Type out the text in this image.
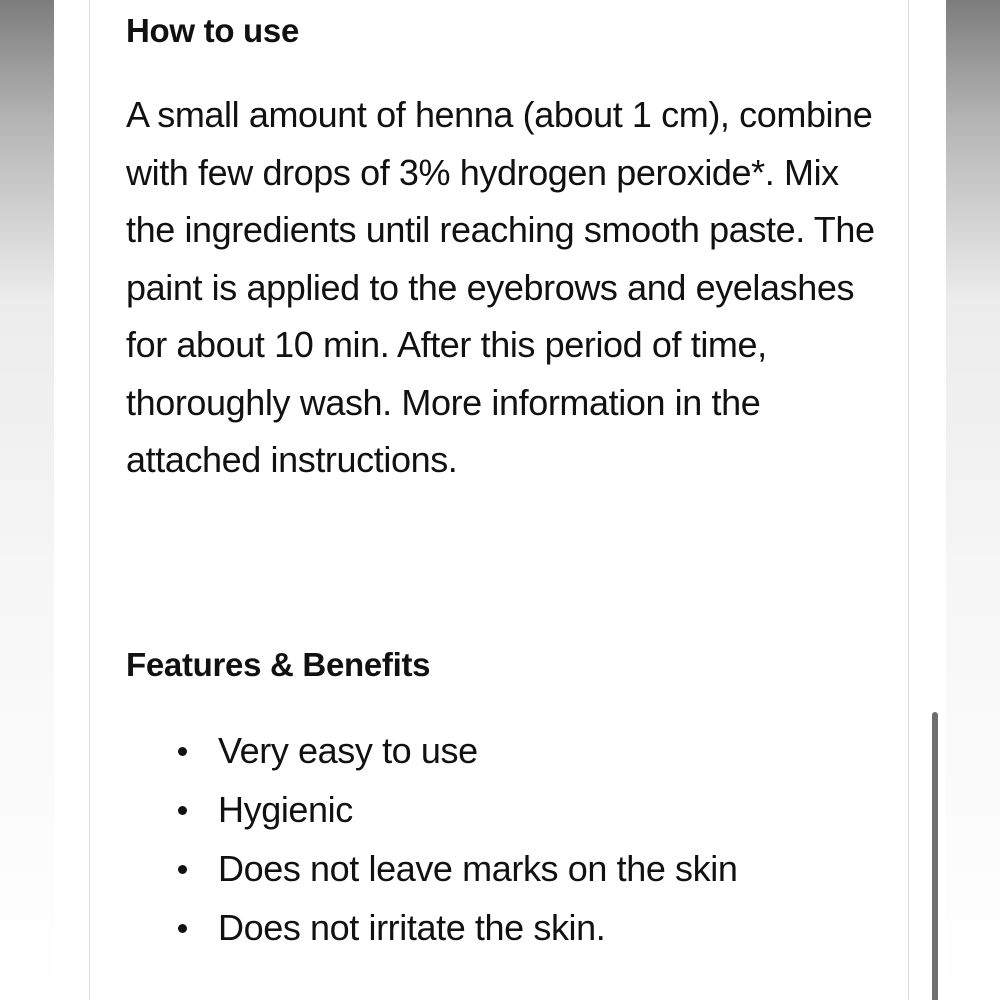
How to use

A small amount of henna (about 1 cm), combine with few drops of 3% hydrogen peroxide*. Mix the ingredients until reaching smooth paste. The paint is applied to the eyebrows and eyelashes for about 10 min. After this period of time, thoroughly wash. More information in the attached instructions.

Features & Benefits
Very easy to use
Hygienic
Does not leave marks on the skin
Does not irritate the skin.
